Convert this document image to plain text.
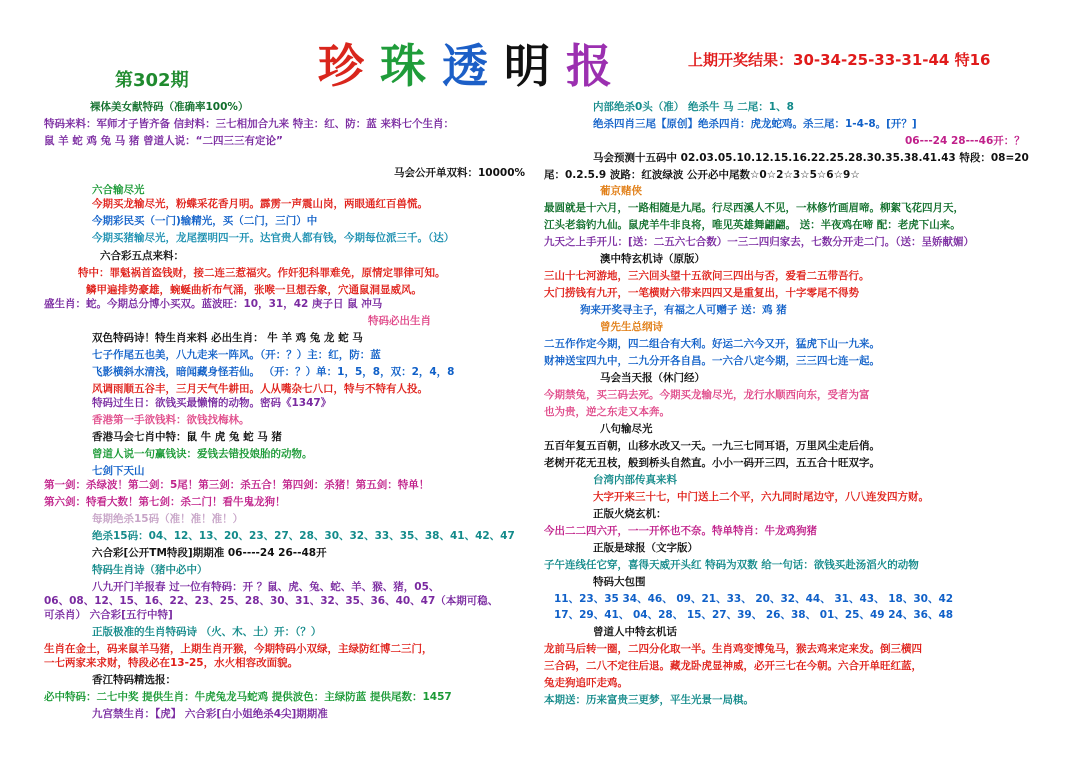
珍珠透明报
第302期
上期开奖结果：30-34-25-33-31-44 特16
裸体美女献特码（准确率100%）
特码来料：军师才子皆齐备 信封料：三七相加合九来 特主：红、防：蓝 来料七个生肖：
鼠 羊 蛇 鸡 兔 马 猪 曾道人说：“二四三三有定论”
马会公开单双料：10000%
六合输尽光
今期买龙输尽光，粉蝶采花香月明。霹雳一声震山岗，两眼通红百兽慌。
今期彩民买（一门)输精光，买（二门，三门）中
今期买猪输尽光，龙尾摆明四一开。达官贵人都有钱，今期每位派三千。（达）
六合彩五点来料：
特中：罪魁祸首盗钱财，接二连三惹福灾。作奸犯科罪难免，原情定罪律可知。
鳞甲遍排势豪雄，蜿蜒曲析布气涌，张喉一旦想吞象，穴通鼠洞显威风。
盛生肖：蛇。今期总分博小买双。蓝波旺：10，31，42 庚子日 鼠 冲马
特码必出生肖
双色特码诗！特生肖来料 必出生肖： 牛 羊 鸡 兔 龙 蛇 马
七子作尾五也美，八九走来一阵风。（开：？）主：红，防：蓝
飞影横斜水清浅，暗闻藏身怪若仙。 （开：？）单：1，5，8，双：2，4，8
风调雨顺五谷丰，三月天气牛耕田。人从嘴杂七八口，特与不特有人投。
特码过生日：欲钱买最懒惰的动物。密码《1347》
香港第一手欲钱料：欲钱找梅林。
香港马会七肖中特：鼠 牛 虎 兔 蛇 马 猪
曾道人说一句赢钱诀：爱钱去错投娘胎的动物。
七剑下天山
第一剑：杀绿波！第二剑：5尾！第三剑：杀五合！第四剑：杀猪！第五剑：特单！
第六剑：特看大数！第七剑：杀二门！看牛鬼龙狗！
每期绝杀15码（准！准！准！）
绝杀15码：04、12、13、20、23、27、28、30、32、33、35、38、41、42、47
六合彩[公开TM特段]期期准 06----24 26--48开
特码生肖诗（猪中必中）
八九开门羊报春 过一位有特码：开 ？鼠、虎、兔、蛇、羊、猴、猪，05、
06、08、12、15、16、22、23、25、28、30、31、32、35、36、40、47（本期可稳、
可杀肖） 六合彩[五行中特]
正版极准的生肖特码诗 （火、木、土）开：（？）
生肖在金土，码来鼠羊马猪，上期生肖开猴，今期特码小双绿，主绿防红博二三门，
一七两家来求财，特段必在13-25，水火相容改面貌。
香江特码精选报：
必中特码：二七中奖 提供生肖：牛虎兔龙马蛇鸡 提供波色：主绿防蓝 提供尾数：1457
九宫禁生肖：【虎】 六合彩[白小姐绝杀4尖]期期准
内部绝杀0头（准） 绝杀牛 马 二尾：1、8
绝杀四肖三尾【原创】绝杀四肖：虎龙蛇鸡。杀三尾：1-4-8。[开？]
06---24 28---46开：？
马会预测十五码中 02.03.05.10.12.15.16.22.25.28.30.35.38.41.43 特段：08=20
尾：0.2.5.9 波路：红波绿波 公开必中尾数☆0☆2☆3☆5☆6☆9☆
葡京赌侠
最圆就是十六月，一路相随是九尾。行尽西溪人不见，一林修竹画眉啼。柳絮飞花四月天，
江头老翁钓九仙。鼠虎羊牛非良将，唯见英雄舞翩翩。 送：半夜鸡在啼 配：老虎下山来。
九天之上手开儿：[送：二五六七合数）一三二四归家去，七数分开走二门。（送：呈娇献媚）
澳中特玄机诗（原版）
三山十七河游地，三六回头望十五欲问三四出与否，爱看二五带吾行。
大门捞钱有九开，一笔横财六带来四四又是重复出，十字零尾不得势
狗来开奖寻主子，有福之人可赠子 送：鸡 猪
曾先生总纲诗
二五作作定今期，四二组合有大利。好运二六今又开，猛虎下山一九来。
财神送宝四九中，二九分开各自昌。一六合八定今期，三三四七连一起。
马会当天报（休门经）
今期禁兔，买三码去死。今期买龙输尽光，龙行水顺西向东，受者为富
也为贵，逆之东走又本奔。
八句输尽光
五百年复五百朝，山移水改又一天。一九三七同耳语，万里风尘走后俏。
老树开花无丑枝，般到桥头自然直。小小一码开三四，五五合十旺双字。
台湾内部传真来料
大字开来三十七，中门送上二个平，六九同时尾边守，八八连发四方财。
正版火烧玄机：
今出二二四六开，一一开怀也不奈。特单特肖：牛龙鸡狗猪
正版是球报（文字版）
子午连线任它穿，喜得天威开头红 特码为双数 给一句话：欲钱买赴汤滔火的动物
特码大包围
11、23、35 34、46、 09、21、33、 20、32、44、 31、43、 18、30、42
17、29、41、 04、28、 15、27、39、 26、38、 01、25、49 24、36、48
曾道人中特玄机话
龙前马后转一圈，二四分化取一半。生肖鸡变博兔马，猴去鸡来定来发。倒三横四
三合码，二八不定往后退。藏龙卧虎显神威，必开三七在今朝。六合开单旺红蓝，
兔走狗追吓走鸡。
本期送：历来富贵三更梦，平生光景一局棋。
